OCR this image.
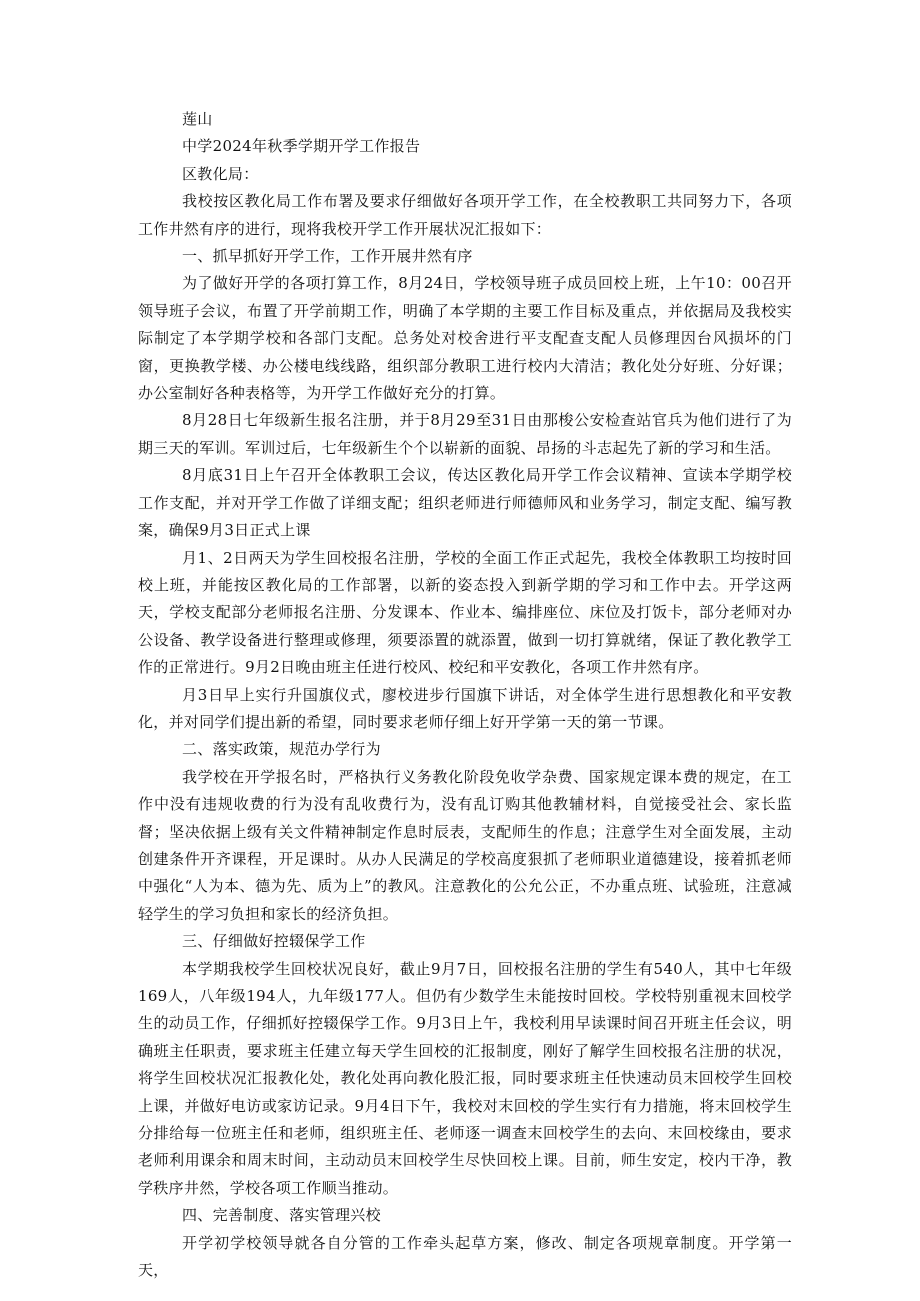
莲山

中学2024年秋季学期开学工作报告

区教化局：

我校按区教化局工作布署及要求仔细做好各项开学工作，在全校教职工共同努力下，各项工作井然有序的进行，现将我校开学工作开展状况汇报如下：

一、抓早抓好开学工作，工作开展井然有序

为了做好开学的各项打算工作，8月24日，学校领导班子成员回校上班，上午10：00召开领导班子会议，布置了开学前期工作，明确了本学期的主要工作目标及重点，并依据局及我校实际制定了本学期学校和各部门支配。总务处对校舍进行平支配查支配人员修理因台风损坏的门窗，更换教学楼、办公楼电线线路，组织部分教职工进行校内大清洁；教化处分好班、分好课；办公室制好各种表格等，为开学工作做好充分的打算。

8月28日七年级新生报名注册，并于8月29至31日由那梭公安检查站官兵为他们进行了为期三天的军训。军训过后，七年级新生个个以崭新的面貌、昂扬的斗志起先了新的学习和生活。

8月底31日上午召开全体教职工会议，传达区教化局开学工作会议精神、宣读本学期学校工作支配，并对开学工作做了详细支配；组织老师进行师德师风和业务学习，制定支配、编写教案，确保9月3日正式上课

月1、2日两天为学生回校报名注册，学校的全面工作正式起先，我校全体教职工均按时回校上班，并能按区教化局的工作部署，以新的姿态投入到新学期的学习和工作中去。开学这两天，学校支配部分老师报名注册、分发课本、作业本、编排座位、床位及打饭卡，部分老师对办公设备、教学设备进行整理或修理，须要添置的就添置，做到一切打算就绪，保证了教化教学工作的正常进行。9月2日晚由班主任进行校风、校纪和平安教化，各项工作井然有序。

月3日早上实行升国旗仪式，廖校进步行国旗下讲话，对全体学生进行思想教化和平安教化，并对同学们提出新的希望，同时要求老师仔细上好开学第一天的第一节课。

二、落实政策，规范办学行为

我学校在开学报名时，严格执行义务教化阶段免收学杂费、国家规定课本费的规定，在工作中没有违规收费的行为没有乱收费行为，没有乱订购其他教辅材料，自觉接受社会、家长监督；坚决依据上级有关文件精神制定作息时辰表，支配师生的作息；注意学生对全面发展，主动创建条件开齐课程，开足课时。从办人民满足的学校高度狠抓了老师职业道德建设，接着抓老师中强化“人为本、德为先、质为上”的教风。注意教化的公允公正，不办重点班、试验班，注意减轻学生的学习负担和家长的经济负担。

三、仔细做好控辍保学工作

本学期我校学生回校状况良好，截止9月7日，回校报名注册的学生有540人，其中七年级169人，八年级194人，九年级177人。但仍有少数学生未能按时回校。学校特别重视末回校学生的动员工作，仔细抓好控辍保学工作。9月3日上午，我校利用早读课时间召开班主任会议，明确班主任职责，要求班主任建立每天学生回校的汇报制度，刚好了解学生回校报名注册的状况，将学生回校状况汇报教化处，教化处再向教化股汇报，同时要求班主任快速动员末回校学生回校上课，并做好电访或家访记录。9月4日下午，我校对末回校的学生实行有力措施，将末回校学生分排给每一位班主任和老师，组织班主任、老师逐一调查末回校学生的去向、末回校缘由，要求老师利用课余和周末时间，主动动员末回校学生尽快回校上课。目前，师生安定，校内干净，教学秩序井然，学校各项工作顺当推动。

四、完善制度、落实管理兴校

开学初学校领导就各自分管的工作牵头起草方案，修改、制定各项规章制度。开学第一天，
